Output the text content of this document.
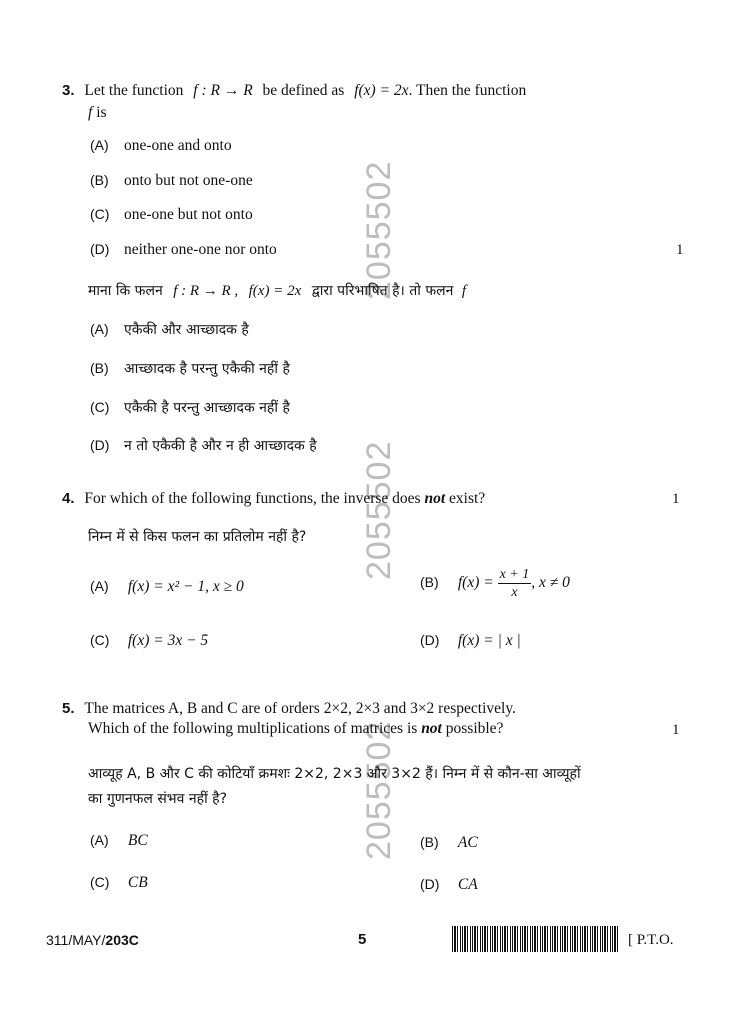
2055502
2055502
2055502
3. Let the function f : R → R be defined as f(x) = 2x. Then the function
f is
(A) one-one and onto
(B) onto but not one-one
(C) one-one but not onto
(D) neither one-one nor onto	1
माना कि फलन f : R → R , f(x) = 2x द्वारा परिभाषित है। तो फलन f
(A) एकैकी और आच्छादक है
(B) आच्छादक है परन्तु एकैकी नहीं है
(C) एकैकी है परन्तु आच्छादक नहीं है
(D) न तो एकैकी है और न ही आच्छादक है
4. For which of the following functions, the inverse does not exist?	1
निम्न में से किस फलन का प्रतिलोम नहीं है?
(A) f(x) = x² − 1, x ≥ 0	(B) $f(x) = \frac{x + 1}{x}$ , x ≠ 0
(C) f(x) = 3x − 5	(D) f(x) = | x |
5. The matrices A, B and C are of orders 2×2, 2×3 and 3×2 respectively.
Which of the following multiplications of matrices is not possible?	1
आव्यूह A, B और C की कोटियाँ क्रमशः 2×2, 2×3 और 3×2 हैं। निम्न में से कौन-सा आव्यूहों
का गुणनफल संभव नहीं है?
(A) BC	(B) AC
(C) CB	(D) CA
311/MAY/203C	5	[ P.T.O.
